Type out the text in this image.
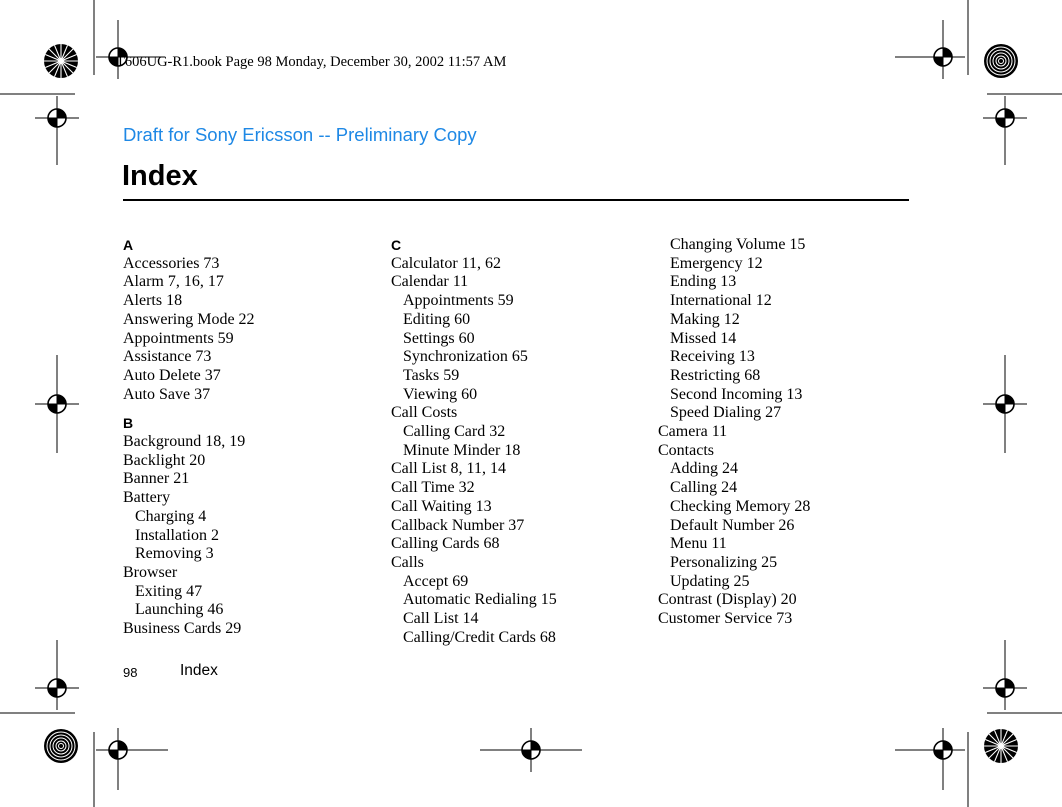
T606UG-R1.book Page 98 Monday, December 30, 2002 11:57 AM
Draft for Sony Ericsson -- Preliminary Copy
Index
A
Accessories 73
Alarm 7, 16, 17
Alerts 18
Answering Mode 22
Appointments 59
Assistance 73
Auto Delete 37
Auto Save 37
B
Background 18, 19
Backlight 20
Banner 21
Battery
Charging 4
Installation 2
Removing 3
Browser
Exiting 47
Launching 46
Business Cards 29
C
Calculator 11, 62
Calendar 11
Appointments 59
Editing 60
Settings 60
Synchronization 65
Tasks 59
Viewing 60
Call Costs
Calling Card 32
Minute Minder 18
Call List 8, 11, 14
Call Time 32
Call Waiting 13
Callback Number 37
Calling Cards 68
Calls
Accept 69
Automatic Redialing 15
Call List 14
Calling/Credit Cards 68
Changing Volume 15
Emergency 12
Ending 13
International 12
Making 12
Missed 14
Receiving 13
Restricting 68
Second Incoming 13
Speed Dialing 27
Camera 11
Contacts
Adding 24
Calling 24
Checking Memory 28
Default Number 26
Menu 11
Personalizing 25
Updating 25
Contrast (Display) 20
Customer Service 73
98	Index
